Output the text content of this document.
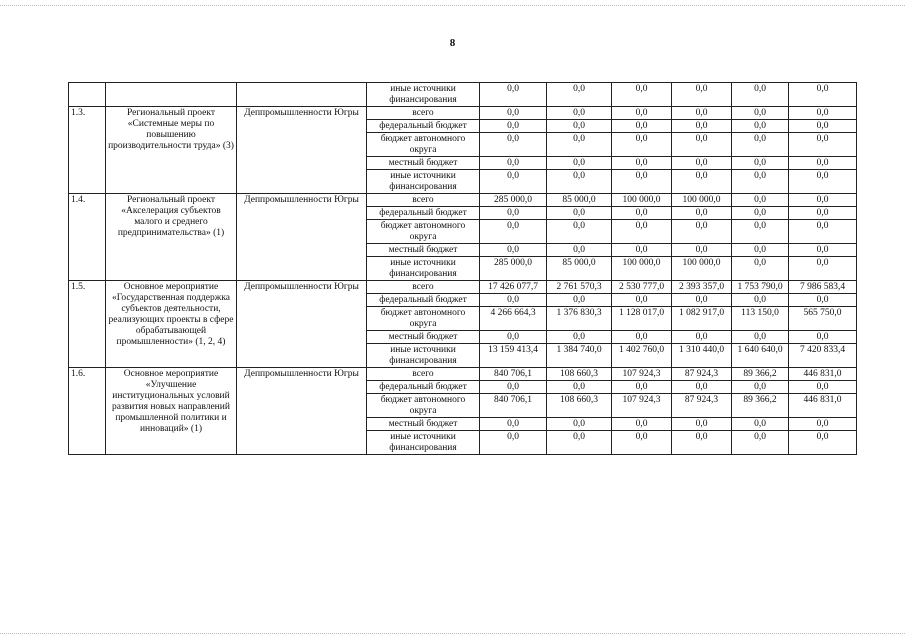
8
			иные источники финансирования	0,0	0,0	0,0	0,0	0,0	0,0
1.3.	Региональный проект «Системные меры по повышению производительности труда» (3)	Деппромышленности Югры	всего	0,0	0,0	0,0	0,0	0,0	0,0
			федеральный бюджет	0,0	0,0	0,0	0,0	0,0	0,0
			бюджет автономного округа	0,0	0,0	0,0	0,0	0,0	0,0
			местный бюджет	0,0	0,0	0,0	0,0	0,0	0,0
			иные источники финансирования	0,0	0,0	0,0	0,0	0,0	0,0
1.4.	Региональный проект «Акселерация субъектов малого и среднего предпринимательства» (1)	Деппромышленности Югры	всего	285 000,0	85 000,0	100 000,0	100 000,0	0,0	0,0
			федеральный бюджет	0,0	0,0	0,0	0,0	0,0	0,0
			бюджет автономного округа	0,0	0,0	0,0	0,0	0,0	0,0
			местный бюджет	0,0	0,0	0,0	0,0	0,0	0,0
			иные источники финансирования	285 000,0	85 000,0	100 000,0	100 000,0	0,0	0,0
1.5.	Основное мероприятие «Государственная поддержка субъектов деятельности, реализующих проекты в сфере обрабатывающей промышленности» (1, 2, 4)	Деппромышленности Югры	всего	17 426 077,7	2 761 570,3	2 530 777,0	2 393 357,0	1 753 790,0	7 986 583,4
			федеральный бюджет	0,0	0,0	0,0	0,0	0,0	0,0
			бюджет автономного округа	4 266 664,3	1 376 830,3	1 128 017,0	1 082 917,0	113 150,0	565 750,0
			местный бюджет	0,0	0,0	0,0	0,0	0,0	0,0
			иные источники финансирования	13 159 413,4	1 384 740,0	1 402 760,0	1 310 440,0	1 640 640,0	7 420 833,4
1.6.	Основное мероприятие «Улучшение институциональных условий развития новых направлений промышленной политики и инноваций» (1)	Деппромышленности Югры	всего	840 706,1	108 660,3	107 924,3	87 924,3	89 366,2	446 831,0
			федеральный бюджет	0,0	0,0	0,0	0,0	0,0	0,0
			бюджет автономного округа	840 706,1	108 660,3	107 924,3	87 924,3	89 366,2	446 831,0
			местный бюджет	0,0	0,0	0,0	0,0	0,0	0,0
			иные источники финансирования	0,0	0,0	0,0	0,0	0,0	0,0
